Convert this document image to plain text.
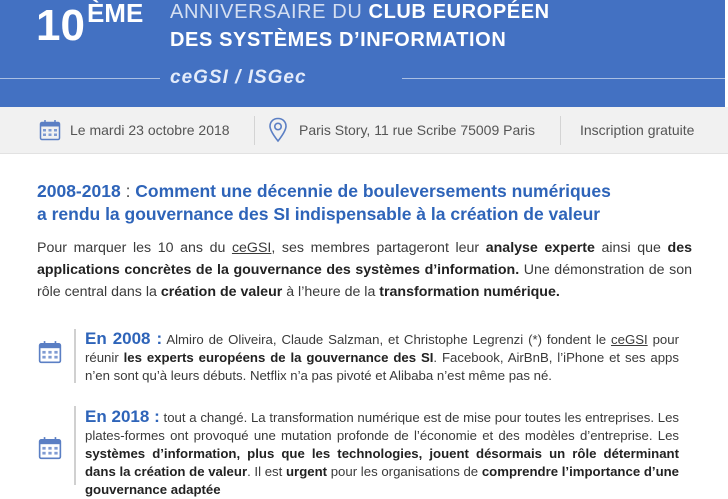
10ÈME ANNIVERSAIRE DU CLUB EUROPÉEN
DES SYSTÈMES D’INFORMATION
ceGSI / ISGec
Le mardi 23 octobre 2018	Paris Story, 11 rue Scribe 75009 Paris	Inscription gratuite
2008-2018 : Comment une décennie de bouleversements numériques
a rendu la gouvernance des SI indispensable à la création de valeur
Pour marquer les 10 ans du ceGSI, ses membres partageront leur analyse experte ainsi que des applications concrètes de la gouvernance des systèmes d’information. Une démonstration de son rôle central dans la création de valeur à l’heure de la transformation numérique.
En 2008 : Almiro de Oliveira, Claude Salzman, et Christophe Legrenzi (*) fondent le ceGSI pour réunir les experts européens de la gouvernance des SI. Facebook, AirBnB, l’iPhone et ses apps n’en sont qu’à leurs débuts. Netflix n’a pas pivoté et Alibaba n’est même pas né.
En 2018 : tout a changé. La transformation numérique est de mise pour toutes les entreprises. Les plates-formes ont provoqué une mutation profonde de l’économie et des modèles d’entreprise. Les systèmes d’information, plus que les technologies, jouent désormais un rôle déterminant dans la création de valeur. Il est urgent pour les organisations de comprendre l’importance d’une gouvernance adaptée
